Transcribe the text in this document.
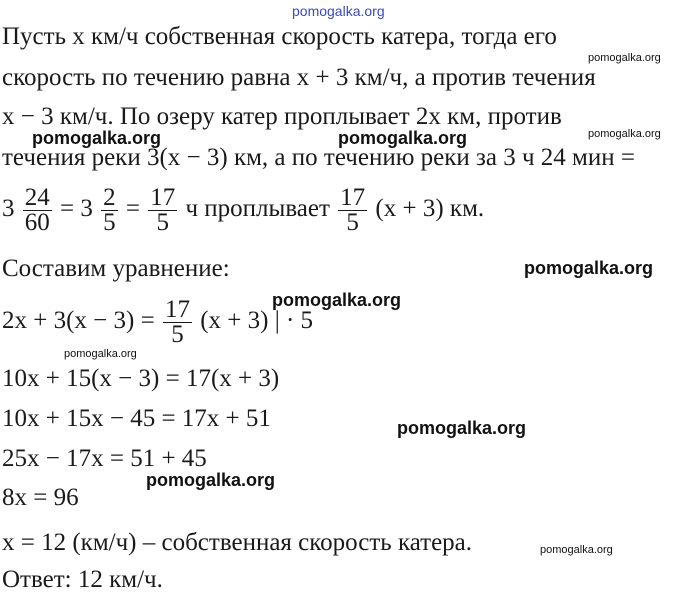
pomogalka.org
pomogalka.org
pomogalka.org	pomogalka.org	pomogalka.org
pomogalka.org
pomogalka.org
pomogalka.org
pomogalka.org
pomogalka.org
pomogalka.org
Пусть x км/ч собственная скорость катера, тогда его
скорость по течению равна x + 3 км/ч, а против течения
x − 3 км/ч. По озеру катер проплывает 2x км, против
течения реки 3(x − 3) км, а по течению реки за 3 ч 24 мин =
$3 \frac{24}{60} = 3 \frac{2}{5} = \frac{17}{5}$ ч проплывает $\frac{17}{5} (x + 3)$ км.
Составим уравнение:
$2x + 3(x - 3) = \frac{17}{5} (x + 3)$ | · 5
10x + 15(x − 3) = 17(x + 3)
10x + 15x − 45 = 17x + 51
25x − 17x = 51 + 45
8x = 96
x = 12 (км/ч) – собственная скорость катера.
Ответ: 12 км/ч.
